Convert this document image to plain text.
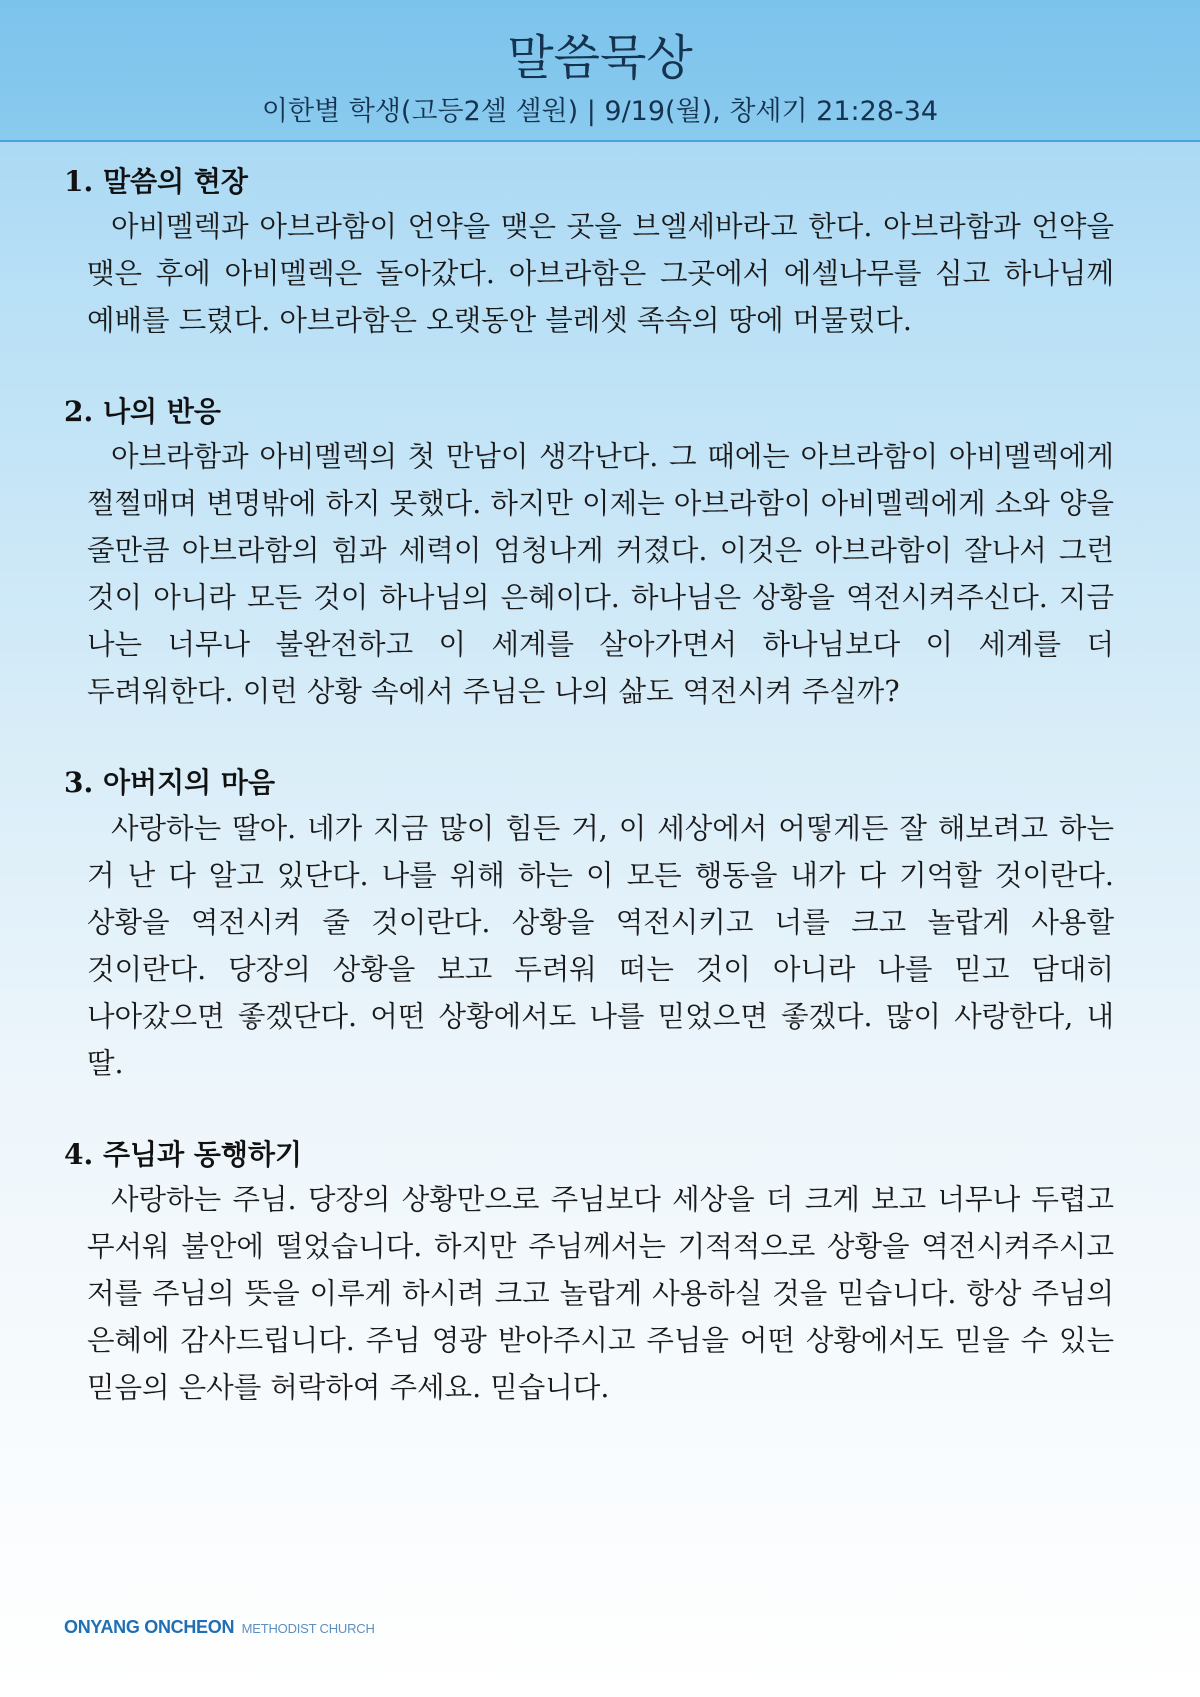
말씀묵상
이한별 학생(고등2셀 셀원) | 9/19(월), 창세기 21:28-34
1. 말씀의 현장

아비멜렉과 아브라함이 언약을 맺은 곳을 브엘세바라고 한다. 아브라함과 언약을 맺은 후에 아비멜렉은 돌아갔다. 아브라함은 그곳에서 에셀나무를 심고 하나님께 예배를 드렸다. 아브라함은 오랫동안 블레셋 족속의 땅에 머물렀다.

2. 나의 반응

아브라함과 아비멜렉의 첫 만남이 생각난다. 그 때에는 아브라함이 아비멜렉에게 쩔쩔매며 변명밖에 하지 못했다. 하지만 이제는 아브라함이 아비멜렉에게 소와 양을 줄만큼 아브라함의 힘과 세력이 엄청나게 커졌다. 이것은 아브라함이 잘나서 그런 것이 아니라 모든 것이 하나님의 은혜이다. 하나님은 상황을 역전시켜주신다. 지금 나는 너무나 불완전하고 이 세계를 살아가면서 하나님보다 이 세계를 더 두려워한다. 이런 상황 속에서 주님은 나의 삶도 역전시켜 주실까?

3. 아버지의 마음

사랑하는 딸아. 네가 지금 많이 힘든 거, 이 세상에서 어떻게든 잘 해보려고 하는 거 난 다 알고 있단다. 나를 위해 하는 이 모든 행동을 내가 다 기억할 것이란다. 상황을 역전시켜 줄 것이란다. 상황을 역전시키고 너를 크고 놀랍게 사용할 것이란다. 당장의 상황을 보고 두려워 떠는 것이 아니라 나를 믿고 담대히 나아갔으면 좋겠단다. 어떤 상황에서도 나를 믿었으면 좋겠다. 많이 사랑한다, 내 딸.

4. 주님과 동행하기

사랑하는 주님. 당장의 상황만으로 주님보다 세상을 더 크게 보고 너무나 두렵고 무서워 불안에 떨었습니다. 하지만 주님께서는 기적적으로 상황을 역전시켜주시고 저를 주님의 뜻을 이루게 하시려 크고 놀랍게 사용하실 것을 믿습니다. 항상 주님의 은혜에 감사드립니다. 주님 영광 받아주시고 주님을 어떤 상황에서도 믿을 수 있는 믿음의 은사를 허락하여 주세요. 믿습니다.

ONYANG ONCHEON METHODIST CHURCH
